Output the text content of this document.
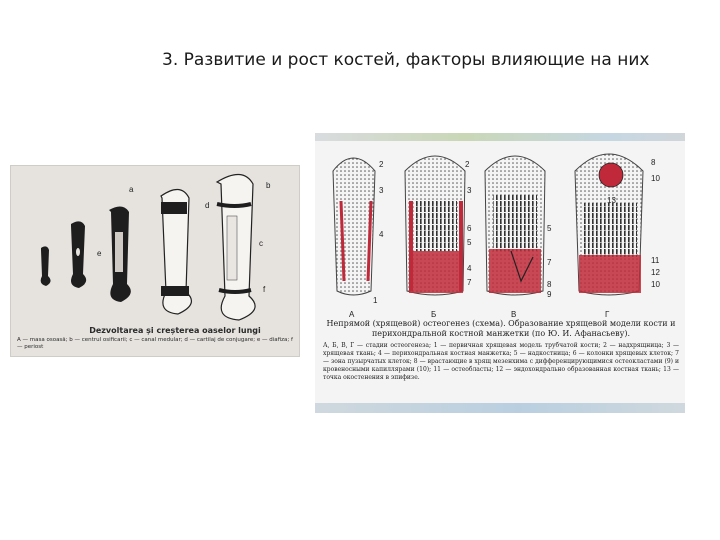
3. Развитие и рост костей, факторы влияющие на них
a	b
c
d
e
f
Dezvoltarea și creșterea oaselor lungi
A — masa osoasă; b — centrul osificarii; c — canal medular; d — cartilaj de conjugare; e — diafiza; f — periost
2
3
4
1
А
2
3
6
5
4
7
Б
5
7
8
9
В
8
10
13
11
12
10
Г
Непрямой (хрящевой) остеогенез (схема). Образование хрящевой модели кости и перихондральной костной манжетки (по Ю. И. Афанасьеву).
А, Б, В, Г — стадии остеогенеза; 1 — первичная хрящевая модель трубчатой кости; 2 — надхрящница; 3 — хрящевая ткань; 4 — перихондральная костная манжетка; 5 — надкостница; 6 — колонки хрящевых клеток; 7 — зона пузырчатых клеток; 8 — врастающие в хрящ мезенхима с дифференцирующимися остеокластами (9) и кровеносными капиллярами (10); 11 — остеобласты; 12 — эндохондрально образованная костная ткань; 13 — точка окостенения в эпифизе.
